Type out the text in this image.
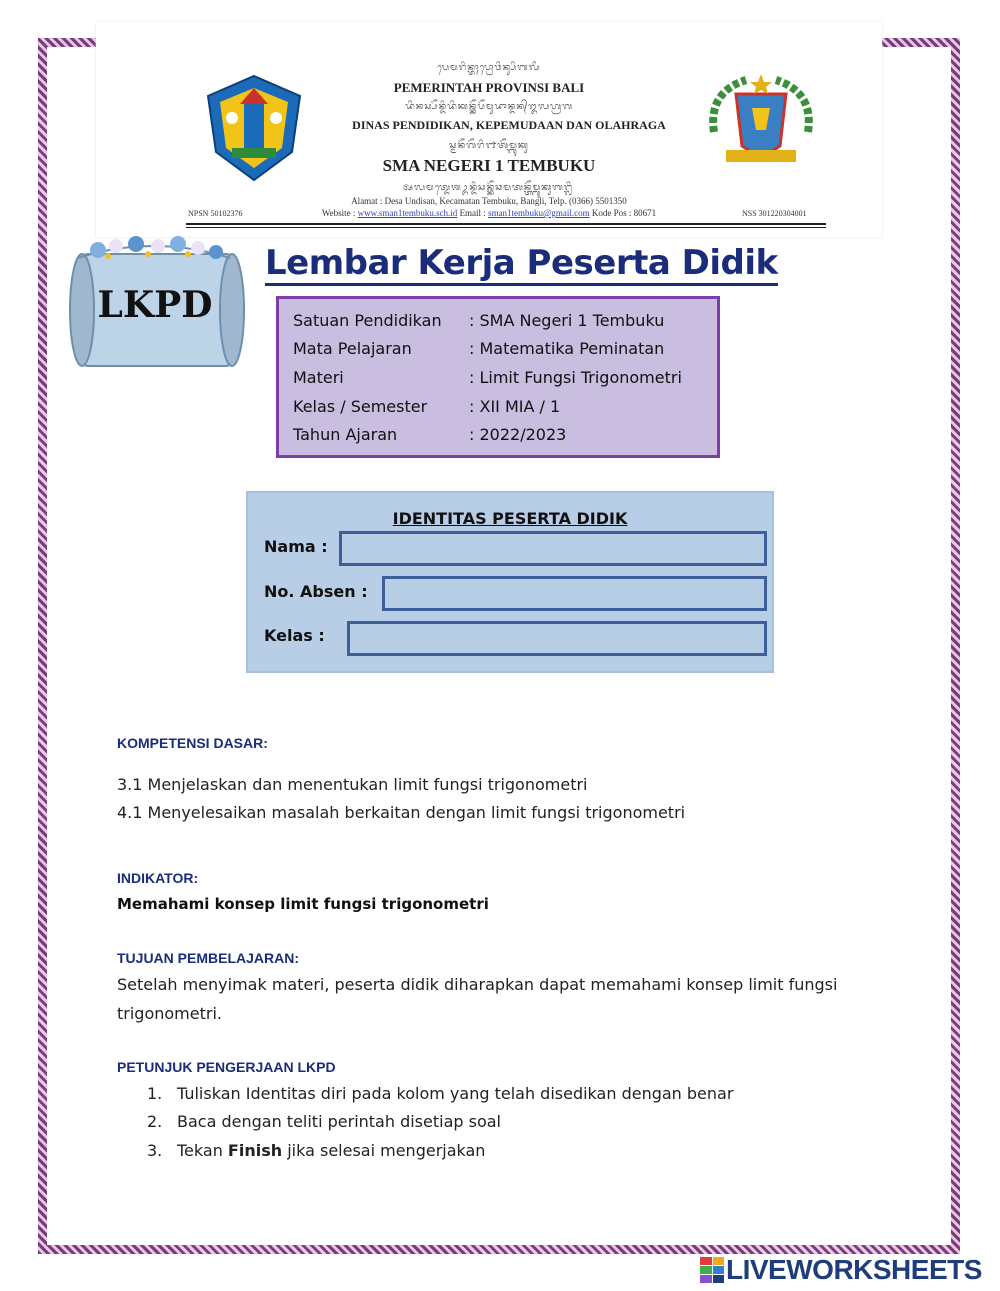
ᬧᬾᬫᬭᬶᬦ᭄ᬢᬄᬧ᭄ᬭᭀᬯᬶᬦ᭄ᬲᬶᬩᬮᬶ
PEMERINTAH PROVINSI BALI
ᬤᬶᬦᬲ᭄ᬧᭂᬦ᭄ᬤᬶᬤᬶᬓᬦ᭄ᬓᭂᬧᭂᬫᬸᬤᬵᬦ᭄ᬤᬦ᭄ᬑᬮᬳ᭄ᬭᬕ
DINAS PENDIDIKAN, KEPEMUDAAN DAN OLAHRAGA
ᬲ᭄ᬫᬦᭂᬕᭂᬭᬶ᭑ᬢᭂᬫ᭄ᬩᬸᬓᬸ
SMA NEGERI 1 TEMBUKU
ᬅᬮᬫᬢ᭄ᬤᬾᬰᬉᬦ᭄ᬤᬶᬲᬦ᭄ᬓᭂᬘᬫᬢᬦ᭄ᬢᭂᬫ᭄ᬩᬸᬓᬸᬩᬗ᭄ᬮᬶ
Alamat : Desa Undisan, Kecamatan Tembuku, Bangli, Telp. (0366) 5501350
NPSN 50102376	Website : www.sman1tembuku.sch.id Email : sman1tembuku@gmail.com Kode Pos : 80671	NSS 301220304001
LKPD
Lembar Kerja Peserta Didik
Satuan Pendidikan : SMA Negeri 1 Tembuku
Mata Pelajaran	: Matematika Peminatan
Materi	: Limit Fungsi Trigonometri
Kelas / Semester	: XII MIA / 1
Tahun Ajaran	: 2022/2023
IDENTITAS PESERTA DIDIK
Nama :
No. Absen :
Kelas :
KOMPETENSI DASAR:
3.1 Menjelaskan dan menentukan limit fungsi trigonometri
4.1 Menyelesaikan masalah berkaitan dengan limit fungsi trigonometri
INDIKATOR:
Memahami konsep limit fungsi trigonometri
TUJUAN PEMBELAJARAN:
Setelah menyimak materi, peserta didik diharapkan dapat memahami konsep limit fungsi
trigonometri.
PETUNJUK PENGERJAAN LKPD
1. Tuliskan Identitas diri pada kolom yang telah disedikan dengan benar
2. Baca dengan teliti perintah disetiap soal
3. Tekan Finish jika selesai mengerjakan
LIVEWORKSHEETS
